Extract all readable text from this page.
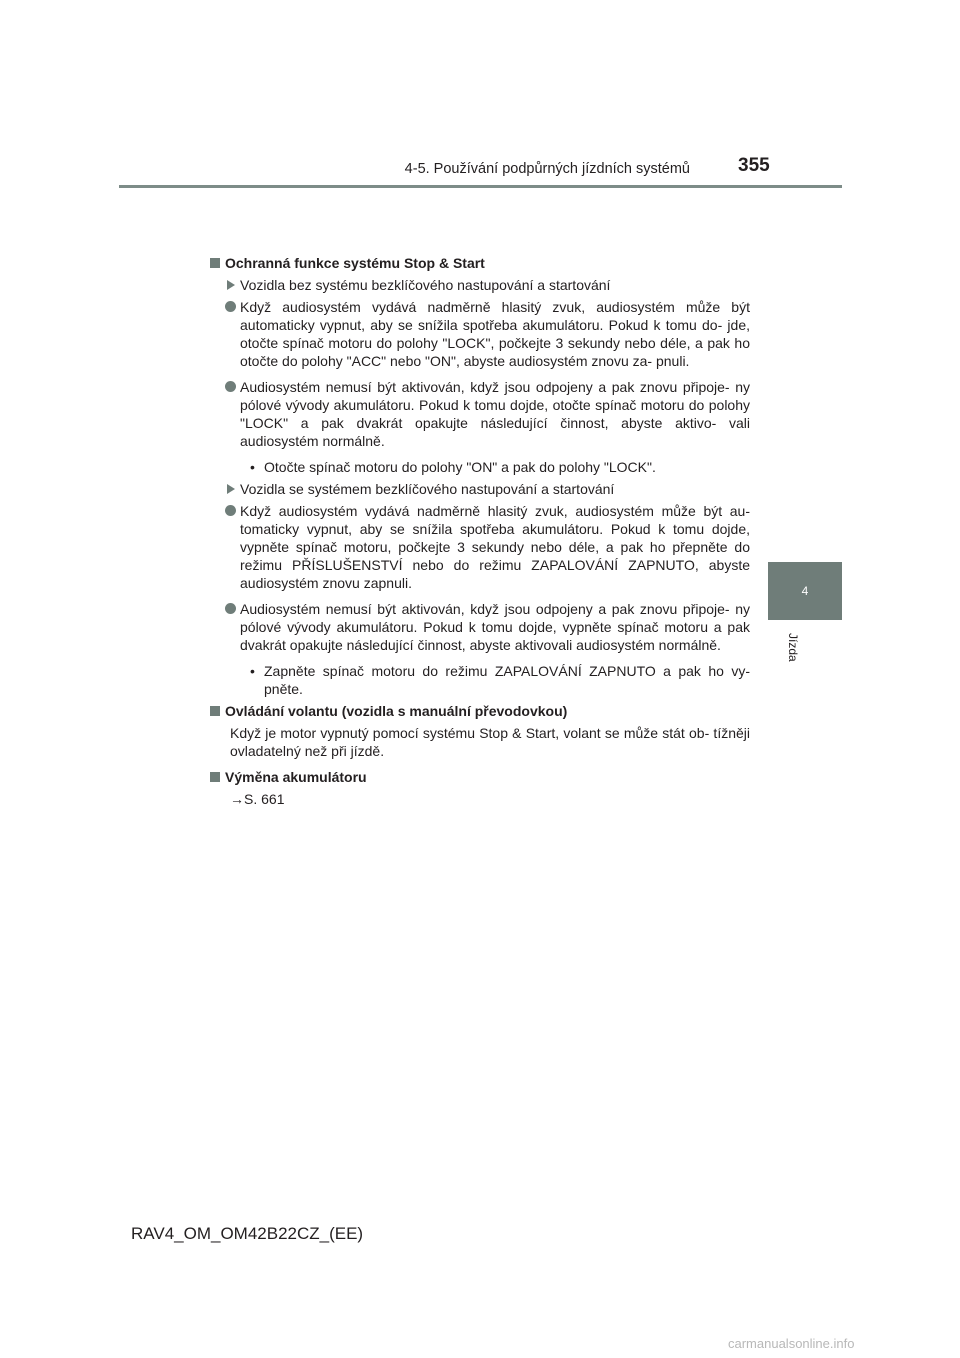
4-5. Používání podpůrných jízdních systémů	355
4
Jízda
Ochranná funkce systému Stop & Start
Vozidla bez systému bezklíčového nastupování a startování
Když audiosystém vydává nadměrně hlasitý zvuk, audiosystém může být automaticky vypnut, aby se snížila spotřeba akumulátoru. Pokud k tomu do- jde, otočte spínač motoru do polohy "LOCK", počkejte 3 sekundy nebo déle, a pak ho otočte do polohy "ACC" nebo "ON", abyste audiosystém znovu za- pnuli.
Audiosystém nemusí být aktivován, když jsou odpojeny a pak znovu připoje- ny pólové vývody akumulátoru. Pokud k tomu dojde, otočte spínač motoru do polohy "LOCK" a pak dvakrát opakujte následující činnost, abyste aktivo- vali audiosystém normálně.
• Otočte spínač motoru do polohy "ON" a pak do polohy "LOCK".
Vozidla se systémem bezklíčového nastupování a startování
Když audiosystém vydává nadměrně hlasitý zvuk, audiosystém může být au- tomaticky vypnut, aby se snížila spotřeba akumulátoru. Pokud k tomu dojde, vypněte spínač motoru, počkejte 3 sekundy nebo déle, a pak ho přepněte do režimu PŘÍSLUŠENSTVÍ nebo do režimu ZAPALOVÁNÍ ZAPNUTO, abyste audiosystém znovu zapnuli.
Audiosystém nemusí být aktivován, když jsou odpojeny a pak znovu připoje- ny pólové vývody akumulátoru. Pokud k tomu dojde, vypněte spínač motoru a pak dvakrát opakujte následující činnost, abyste aktivovali audiosystém normálně.
• Zapněte spínač motoru do režimu ZAPALOVÁNÍ ZAPNUTO a pak ho vy- pněte.
Ovládání volantu (vozidla s manuální převodovkou)
Když je motor vypnutý pomocí systému Stop & Start, volant se může stát ob- tížněji ovladatelný než při jízdě.
Výměna akumulátoru
→S. 661
RAV4_OM_OM42B22CZ_(EE)
carmanualsonline.info
